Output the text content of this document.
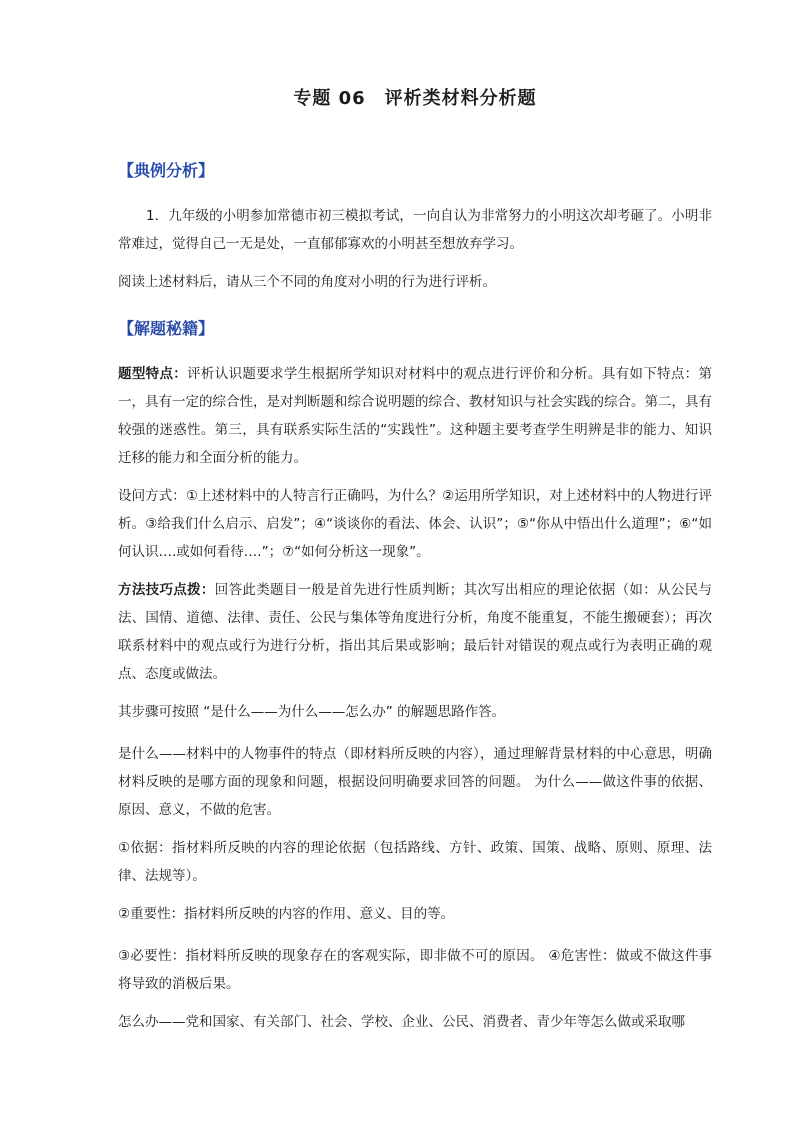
专题 06　评析类材料分析题
【典例分析】

1．九年级的小明参加常德市初三模拟考试，一向自认为非常努力的小明这次却考砸了。小明非常难过，觉得自己一无是处，一直郁郁寡欢的小明甚至想放弃学习。

阅读上述材料后，请从三个不同的角度对小明的行为进行评析。

【解题秘籍】

题型特点：评析认识题要求学生根据所学知识对材料中的观点进行评价和分析。具有如下特点：第一，具有一定的综合性，是对判断题和综合说明题的综合、教材知识与社会实践的综合。第二，具有较强的迷惑性。第三，具有联系实际生活的“实践性”。这种题主要考查学生明辨是非的能力、知识迁移的能力和全面分析的能力。

设问方式：①上述材料中的人特言行正确吗，为什么？②运用所学知识，对上述材料中的人物进行评析。③给我们什么启示、启发”；④“谈谈你的看法、体会、认识”；⑤“你从中悟出什么道理”；⑥“如何认识….或如何看待….”；⑦“如何分析这一现象”。

方法技巧点拨：回答此类题目一般是首先进行性质判断；其次写出相应的理论依据（如：从公民与法、国情、道德、法律、责任、公民与集体等角度进行分析，角度不能重复，不能生搬硬套）；再次联系材料中的观点或行为进行分析，指出其后果或影响；最后针对错误的观点或行为表明正确的观点、态度或做法。

其步骤可按照 “是什么——为什么——怎么办” 的解题思路作答。

是什么——材料中的人物事件的特点（即材料所反映的内容），通过理解背景材料的中心意思，明确材料反映的是哪方面的现象和问题，根据设问明确要求回答的问题。 为什么——做这件事的依据、原因、意义，不做的危害。

①依据：指材料所反映的内容的理论依据（包括路线、方针、政策、国策、战略、原则、原理、法律、法规等）。

②重要性：指材料所反映的内容的作用、意义、目的等。

③必要性：指材料所反映的现象存在的客观实际，即非做不可的原因。 ④危害性：做或不做这件事将导致的消极后果。

怎么办——党和国家、有关部门、社会、学校、企业、公民、消费者、青少年等怎么做或采取哪
